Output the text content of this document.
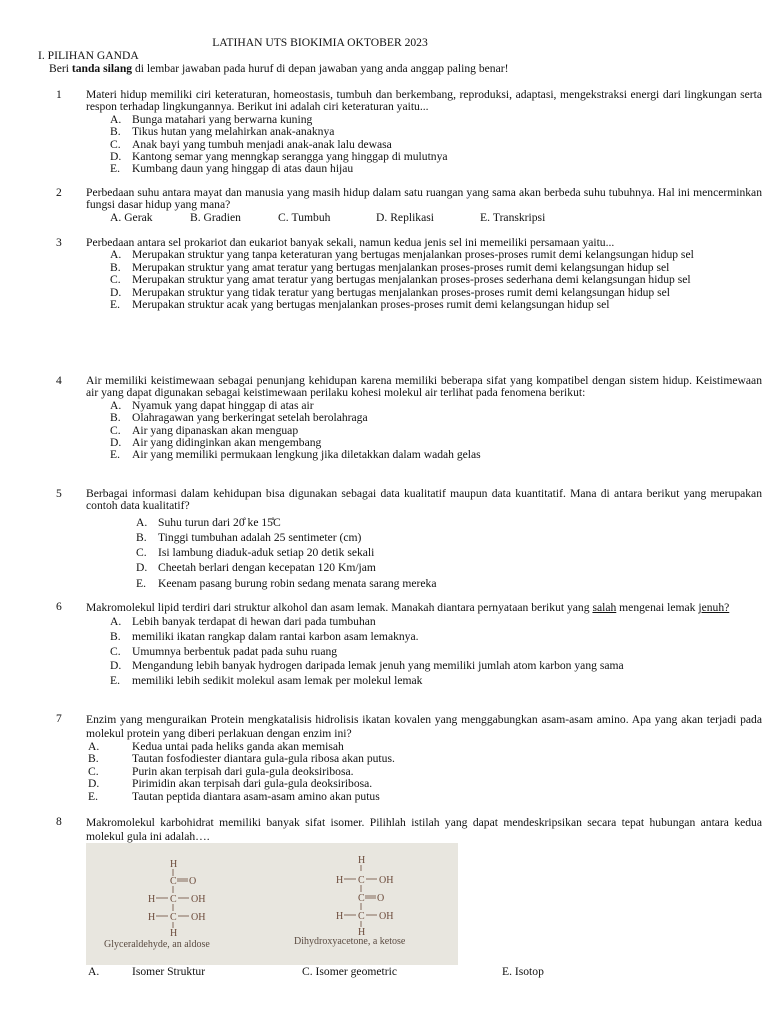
LATIHAN UTS BIOKIMIA OKTOBER 2023
I. PILIHAN GANDA
Beri tanda silang di lembar jawaban pada huruf di depan jawaban yang anda anggap paling benar!
1	Materi hidup memiliki ciri keteraturan, homeostasis, tumbuh dan berkembang, reproduksi, adaptasi, mengekstraksi energi dari lingkungan serta respon terhadap lingkungannya. Berikut ini adalah ciri keteraturan yaitu...
A. Bunga matahari yang berwarna kuning
B. Tikus hutan yang melahirkan anak-anaknya
C. Anak bayi yang tumbuh menjadi anak-anak lalu dewasa
D. Kantong semar yang menngkap serangga yang hinggap di mulutnya
E.	Kumbang daun yang hinggap di atas daun hijau
2	Perbedaan suhu antara mayat dan manusia yang masih hidup dalam satu ruangan yang sama akan berbeda suhu tubuhnya. Hal ini mencerminkan fungsi dasar hidup yang mana?
A. Gerak	B. Gradien	C. Tumbuh	D. Replikasi	E. Transkripsi
3	Perbedaan antara sel prokariot dan eukariot banyak sekali, namun kedua jenis sel ini memeiliki persamaan yaitu...
A. Merupakan struktur yang tanpa keteraturan yang bertugas menjalankan proses-proses rumit demi kelangsungan hidup sel
B. Merupakan struktur yang amat teratur yang bertugas menjalankan proses-proses rumit demi kelangsungan hidup sel
C. Merupakan struktur yang amat teratur yang bertugas menjalankan proses-proses sederhana demi kelangsungan hidup sel
D. Merupakan struktur yang tidak teratur yang bertugas menjalankan proses-proses rumit demi kelangsungan hidup sel
E.	Merupakan struktur acak yang bertugas menjalankan proses-proses rumit demi kelangsungan hidup sel
4	Air memiliki keistimewaan sebagai penunjang kehidupan karena memiliki beberapa sifat yang kompatibel dengan sistem hidup. Keistimewaan air yang dapat digunakan sebagai keistimewaan perilaku kohesi molekul air terlihat pada fenomena berikut:
A. Nyamuk yang dapat hinggap di atas air
B. Olahragawan yang berkeringat setelah berolahraga
C. Air yang dipanaskan akan menguap
D. Air yang didinginkan akan mengembang
E.	Air yang memiliki permukaan lengkung jika diletakkan dalam wadah gelas
5	Berbagai informasi dalam kehidupan bisa digunakan sebagai data kualitatif maupun data kuantitatif. Mana di antara berikut yang merupakan contoh data kualitatif?
A. Suhu turun dari 20̊ ke 15̊C
B. Tinggi tumbuhan adalah 25 sentimeter (cm)
C. Isi lambung diaduk-aduk setiap 20 detik sekali
D. Cheetah berlari dengan kecepatan 120 Km/jam
E.	Keenam pasang burung robin sedang menata sarang mereka
6	Makromolekul lipid terdiri dari struktur alkohol dan asam lemak. Manakah diantara pernyataan berikut yang salah mengenai lemak jenuh?
A. Lebih banyak terdapat di hewan dari pada tumbuhan
B. memiliki ikatan rangkap dalam rantai karbon asam lemaknya.
C. Umumnya berbentuk padat pada suhu ruang
D. Mengandung lebih banyak hydrogen daripada lemak jenuh yang memiliki jumlah atom karbon yang sama
E.	memiliki lebih sedikit molekul asam lemak per molekul lemak
7	Enzim yang menguraikan Protein mengkatalisis hidrolisis ikatan kovalen yang menggabungkan asam-asam amino. Apa yang akan terjadi pada molekul protein yang diberi perlakuan dengan enzim ini?
A.	Kedua untai pada heliks ganda akan memisah
B.	Tautan fosfodiester diantara gula-gula ribosa akan putus.
C.	Purin akan terpisah dari gula-gula deoksiribosa.
D.	Pirimidin akan terpisah dari gula-gula deoksiribosa.
E.	Tautan peptida diantara asam-asam amino akan putus
8	Makromolekul karbohidrat memiliki banyak sifat isomer. Pilihlah istilah yang dapat mendeskripsikan secara tepat hubungan antara kedua molekul gula ini adalah….
H
C O
H C OH
H C OH
H
Glyceraldehyde, an aldose
H
H C OH
C O
H C OH
H
Dihydroxyacetone, a ketose
A.	Isomer Struktur	C. Isomer geometric	E. Isotop
